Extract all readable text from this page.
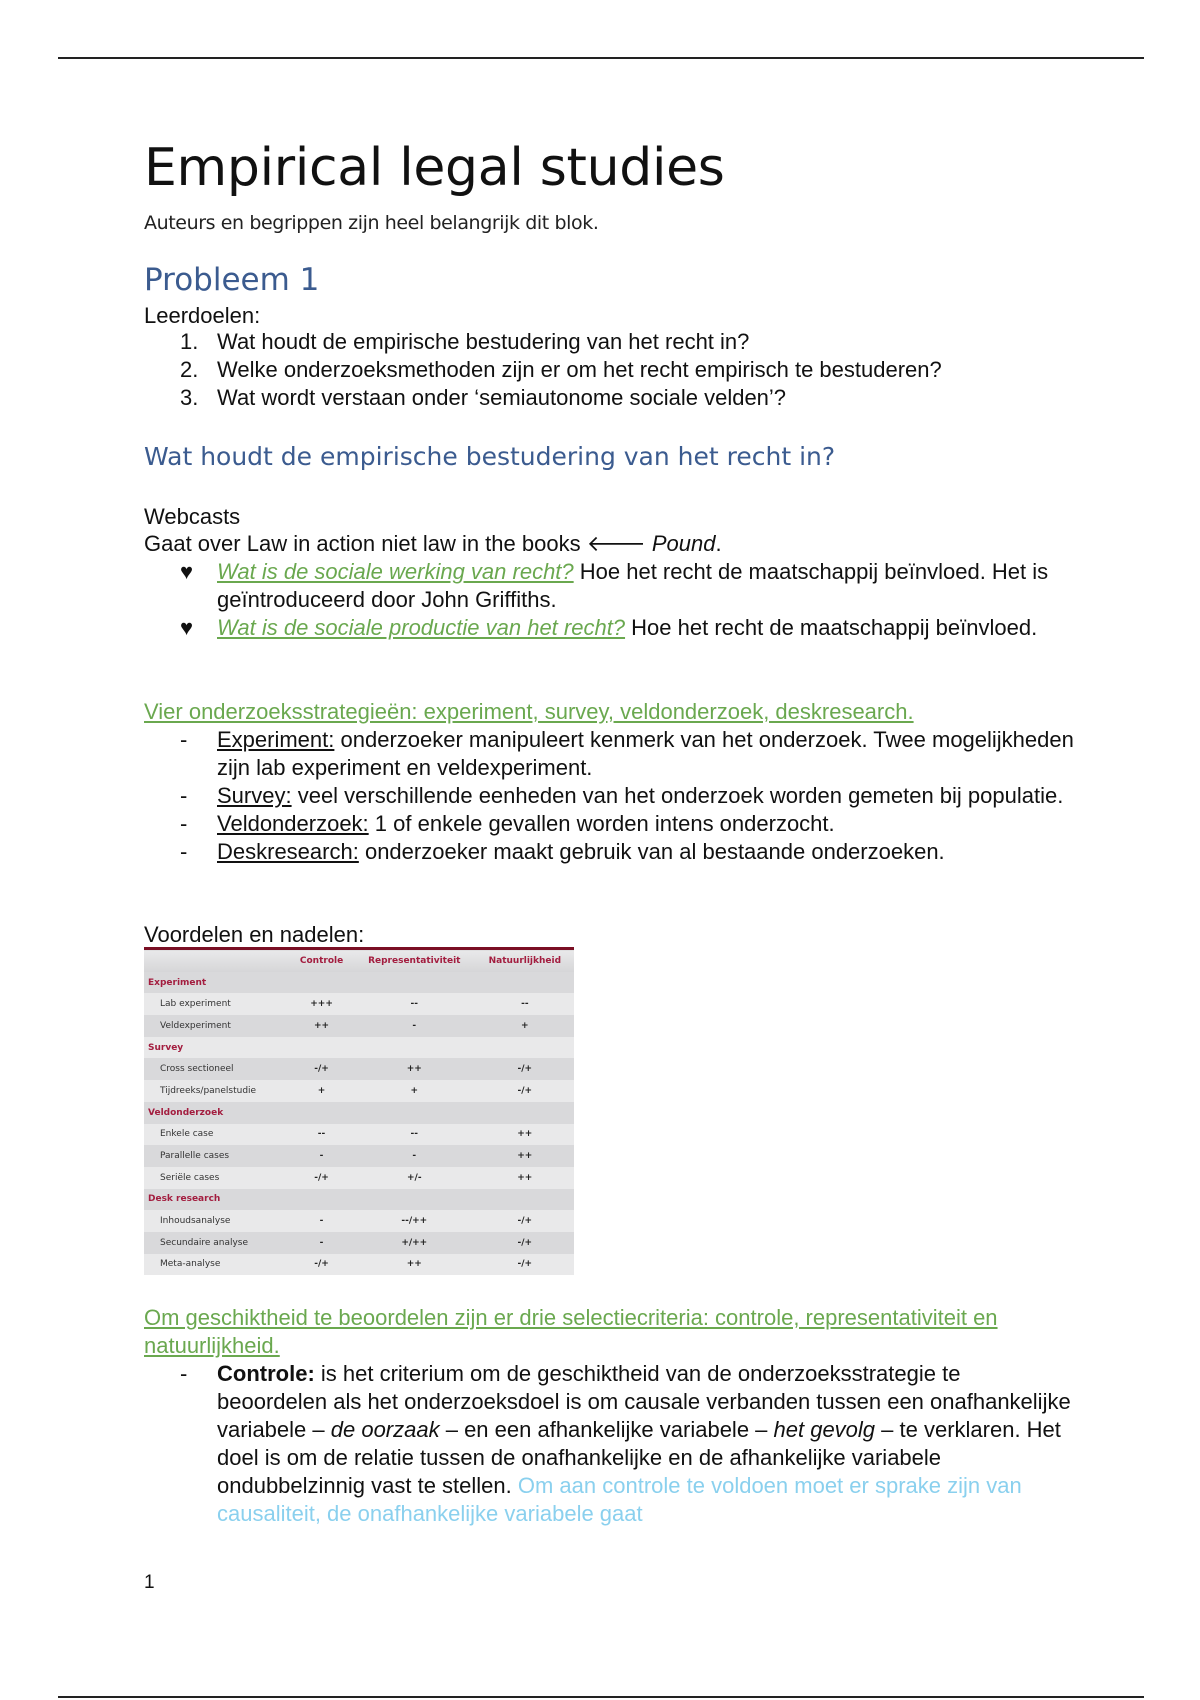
Empirical legal studies
Auteurs en begrippen zijn heel belangrijk dit blok.
Probleem 1
Leerdoelen:
1. Wat houdt de empirische bestudering van het recht in?
2. Welke onderzoeksmethoden zijn er om het recht empirisch te bestuderen?
3. Wat wordt verstaan onder ‘semiautonome sociale velden’?
Wat houdt de empirische bestudering van het recht in?
Webcasts
Gaat over Law in action niet law in the books 🡐 Pound.
♥ Wat is de sociale werking van recht? Hoe het recht de maatschappij beïnvloed. Het is geïntroduceerd door John Griffiths.
♥ Wat is de sociale productie van het recht? Hoe het recht de maatschappij beïnvloed.
Vier onderzoeksstrategieën: experiment, survey, veldonderzoek, deskresearch.
- Experiment: onderzoeker manipuleert kenmerk van het onderzoek. Twee mogelijkheden zijn lab experiment en veldexperiment.
- Survey: veel verschillende eenheden van het onderzoek worden gemeten bij populatie.
- Veldonderzoek: 1 of enkele gevallen worden intens onderzocht.
- Deskresearch: onderzoeker maakt gebruik van al bestaande onderzoeken.
Voordelen en nadelen:
	Controle	Representativiteit	Natuurlijkheid
Experiment			
Lab experiment	+++	--	--
Veldexperiment	++	-	+
Survey			
Cross sectioneel	-/+	++	-/+
Tijdreeks/panelstudie	+	+	-/+
Veldonderzoek			
Enkele case	--	--	++
Parallelle cases	-	-	++
Seriële cases	-/+	+/-	++
Desk research			
Inhoudsanalyse	-	--/++	-/+
Secundaire analyse	-	+/++	-/+
Meta-analyse	-/+	++	-/+
Om geschiktheid te beoordelen zijn er drie selectiecriteria: controle, representativiteit en natuurlijkheid.
- Controle: is het criterium om de geschiktheid van de onderzoeksstrategie te beoordelen als het onderzoeksdoel is om causale verbanden tussen een onafhankelijke variabele – de oorzaak – en een afhankelijke variabele – het gevolg – te verklaren. Het doel is om de relatie tussen de onafhankelijke en de afhankelijke variabele ondubbelzinnig vast te stellen. Om aan controle te voldoen moet er sprake zijn van causaliteit, de onafhankelijke variabele gaat
1
